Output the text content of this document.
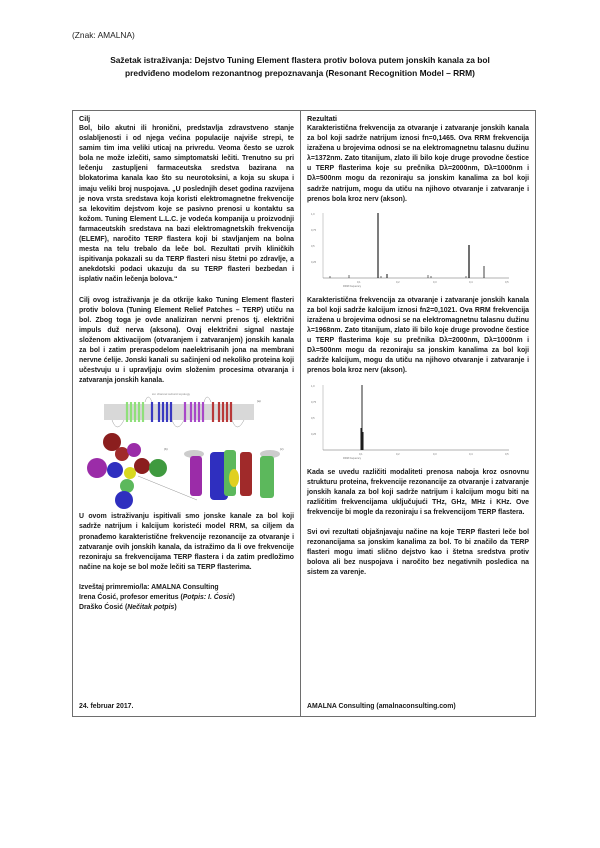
(Znak: AMALNA)
Sažetak istraživanja: Dejstvo Tuning Element flastera protiv bolova putem jonskih kanala za bol
predviđeno modelom rezonantnog prepoznavanja (Resonant Recognition Model – RRM)
Cilj

Bol, bilo akutni ili hronični, predstavlja zdravstveno stanje oslabljenosti i od njega većina populacije najviše strepi, te samim tim ima veliki uticaj na privredu. Veoma često se uzrok bola ne može izlečiti, samo simptomatski lečiti. Trenutno su pri lečenju zastupljeni farmaceutska sredstva bazirana na blokatorima kanala kao što su neurotoksini, a koja su skupa i imaju veliki broj nuspojava. „U poslednjih deset godina razvijena je nova vrsta sredstava koja koristi elektromagnetne frekvencije sa lekovitim dejstvom koje se pasivno prenosi u kontaktu sa kožom. Tuning Element L.L.C. je vodeća kompanija u proizvodnji farmaceutskih sredstava na bazi elektromagnetskih frekvencija (ELEMF), naročito TERP flastera koji bi stavljanjem na bolna mesta na telu trebalo da leče bol. Rezultati prvih kliničkih ispitivanja pokazali su da TERP flasteri nisu štetni po zdravlje, a anekdotski podaci ukazuju da su TERP flasteri bezbedan i isplativ način lečenja bolova.“

Cilj ovog istraživanja je da otkrije kako Tuning Element flasteri protiv bolova (Tuning Element Relief Patches – TERP) utiču na bol. Zbog toga je ovde analiziran nervni prenos tj. električni impuls duž nerva (aksona). Ovaj električni signal nastaje složenom aktivacijom (otvaranjem i zatvaranjem) jonskih kanala za bol i zatim preraspodelom naelektrisanih jona na membrani nervne ćelije. Jonski kanali su sačinjeni od nekoliko proteina koji učestvuju u i upravljaju ovim složenim procesima otvaranja i zatvaranja jonskih kanala.

ion channel subunit topology
(a)
(b)	(c)

U ovom istraživanju ispitivali smo jonske kanale za bol koji sadrže natrijum i kalcijum koristeći model RRM, sa ciljem da pronađemo karakteristične frekvencije rezonancije za otvaranje i zatvaranje ovih jonskih kanala, da istražimo da li ove frekvencije rezoniraju sa frekvencijama TERP flastera i da zatim predložimo načine na koje se bol može lečiti sa TERP flasterima.

Izveštaj primremio/la: AMALNA Consulting

Irena Ćosić, profesor emeritus (Potpis: I. Ćosić)

Draško Ćosić (Nečitak potpis)

24. februar 2017.

Rezultati

Karakteristična frekvencija za otvaranje i zatvaranje jonskih kanala za bol koji sadrže natrijum iznosi fn=0,1465. Ova RRM frekvencija izražena u brojevima odnosi se na elektromagnetnu talasnu dužinu λ=1372nm. Zato titanijum, zlato ili bilo koje druge provodne čestice u TERP flasterima koje su prečnika Dλ=2000nm, Dλ=1000nm i Dλ=500nm mogu da rezoniraju sa jonskim kanalima za bol koji sadrže natrijum, mogu da utiču na njihovo otvaranje i zatvaranje i prenos bola kroz nerv (akson).

1,0
0,75
0,5
0,25
0,1	0,2	0,3	0,4	0,5
RRM frequency

Karakteristična frekvencija za otvaranje i zatvaranje jonskih kanala za bol koji sadrže kalcijum iznosi fn2=0,1021. Ova RRM frekvencija izražena u brojevima odnosi se na elektromagnetnu talasnu dužinu λ=1968nm. Zato titanijum, zlato ili bilo koje druge provodne čestice u TERP flasterima koje su prečnika Dλ=2000nm, Dλ=1000nm i Dλ=500nm mogu da rezoniraju sa jonskim kanalima za bol koji sadrže kalcijum, mogu da utiču na njihovo otvaranje i zatvaranje i prenos bola kroz nerv (akson).

1,0
0,75
0,5
0,25
0,1	0,2	0,3	0,4	0,5
RRM frequency

Kada se uvedu različiti modaliteti prenosa naboja kroz osnovnu strukturu proteina, frekvencije rezonancije za otvaranje i zatvaranje jonskih kanala za bol koji sadrže natrijum i kalcijum mogu biti na različitim frekvencijama uključujući THz, GHz, MHz i KHz. Ove frekvencije bi mogle da rezoniraju i sa frekvencijom TERP flastera.

Svi ovi rezultati objašnjavaju načine na koje TERP flasteri leče bol rezonancijama sa jonskim kanalima za bol. To bi značilo da TERP flasteri mogu imati slično dejstvo kao i štetna sredstva protiv bolova ali bez nuspojava i naročito bez negativnih posledica na sistem za varenje.

AMALNA Consulting (amalnaconsulting.com)
